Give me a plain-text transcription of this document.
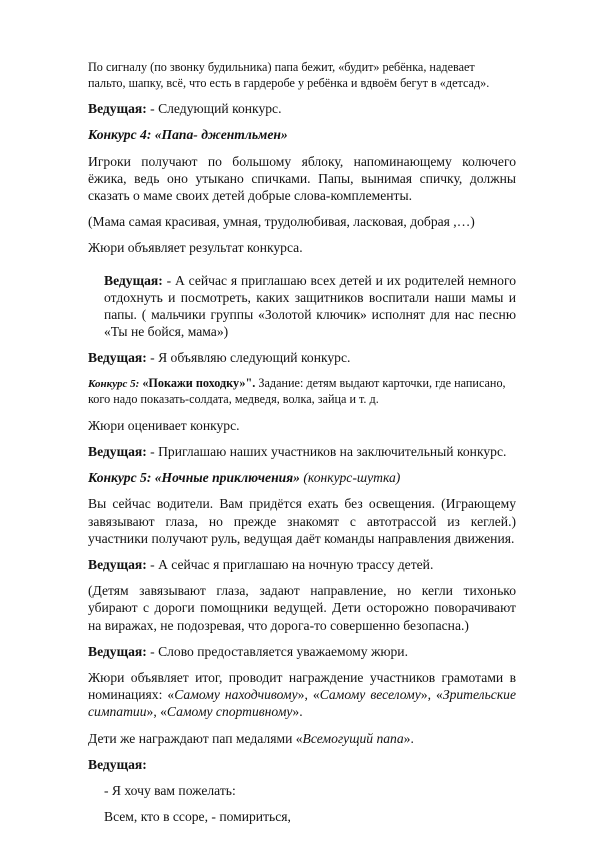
По сигналу (по звонку будильника) папа бежит, «будит» ребёнка, надевает
пальто, шапку, всё, что есть в гардеробе у ребёнка и вдвоём бегут в «детсад».

Ведущая: - Следующий конкурс.

Конкурс 4: «Папа- джентльмен»

Игроки получают по большому яблоку, напоминающему колючего ёжика, ведь оно утыкано спичками. Папы, вынимая спичку, должны сказать о маме своих детей добрые слова-комплементы.

(Мама самая красивая, умная, трудолюбивая, ласковая, добрая ,…)

Жюри объявляет результат конкурса.

Ведущая: - А сейчас я приглашаю всех детей и их родителей немного отдохнуть и посмотреть, каких защитников воспитали наши мамы и папы. ( мальчики группы «Золотой ключик» исполнят для нас песню «Ты не бойся, мама»)

Ведущая: - Я объявляю следующий конкурс.

Конкурс 5: «Покажи походку»". Задание: детям выдают карточки, где написано, кого надо показать-солдата, медведя, волка, зайца и т. д.

Жюри оценивает конкурс.

Ведущая: - Приглашаю наших участников на заключительный конкурс.

Конкурс 5: «Ночные приключения» (конкурс-шутка)

Вы сейчас водители. Вам придётся ехать без освещения. (Играющему завязывают глаза, но прежде знакомят с автотрассой из кеглей.) участники получают руль, ведущая даёт команды направления движения.

Ведущая: - А сейчас я приглашаю на ночную трассу детей.

(Детям завязывают глаза, задают направление, но кегли тихонько убирают с дороги помощники ведущей. Дети осторожно поворачивают на виражах, не подозревая, что дорога-то совершенно безопасна.)

Ведущая: - Слово предоставляется уважаемому жюри.

Жюри объявляет итог, проводит награждение участников грамотами в номинациях: «Самому находчивому», «Самому веселому», «Зрительские симпатии», «Самому спортивному».

Дети же награждают пап медалями «Всемогущий папа».

Ведущая:

- Я хочу вам пожелать:

Всем, кто в ссоре, - помириться,
